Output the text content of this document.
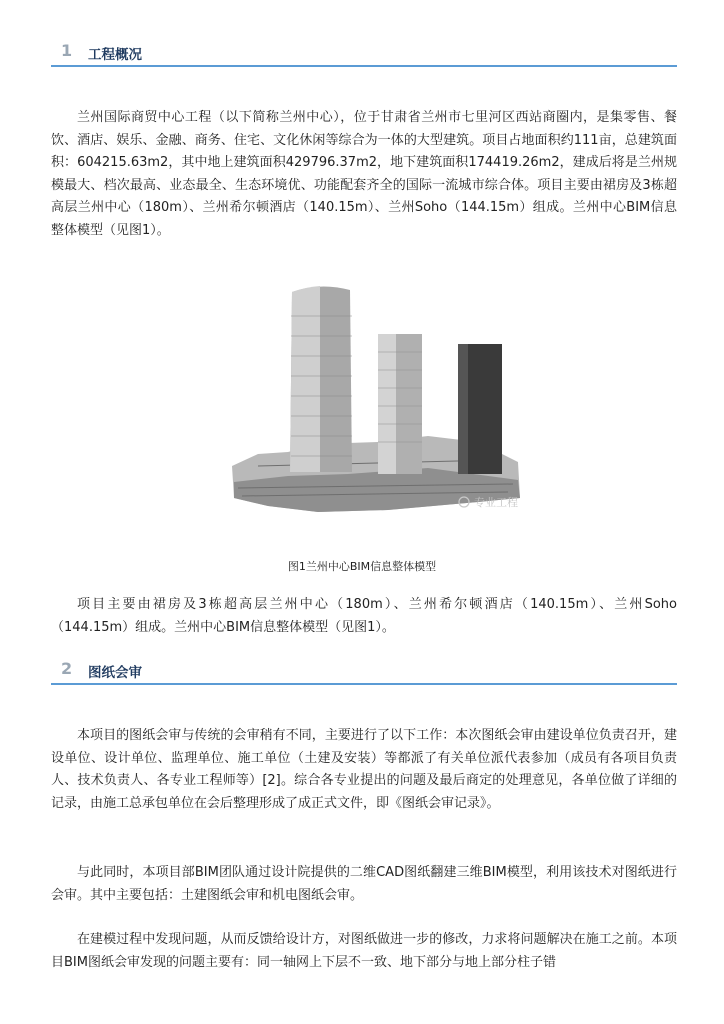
1 工程概况

兰州国际商贸中心工程（以下简称兰州中心），位于甘肃省兰州市七里河区西站商圈内，是集零售、餐饮、酒店、娱乐、金融、商务、住宅、文化休闲等综合为一体的大型建筑。项目占地面积约111亩，总建筑面积：604215.63m2，其中地上建筑面积429796.37m2，地下建筑面积174419.26m2，建成后将是兰州规模最大、档次最高、业态最全、生态环境优、功能配套齐全的国际一流城市综合体。项目主要由裙房及3栋超高层兰州中心（180m）、兰州希尔顿酒店（140.15m）、兰州Soho（144.15m）组成。兰州中心BIM信息整体模型（见图1）。

专业工程
图1兰州中心BIM信息整体模型

项目主要由裙房及3栋超高层兰州中心（180m）、兰州希尔顿酒店（140.15m）、兰州Soho（144.15m）组成。兰州中心BIM信息整体模型（见图1）。

2 图纸会审

本项目的图纸会审与传统的会审稍有不同，主要进行了以下工作：本次图纸会审由建设单位负责召开，建设单位、设计单位、监理单位、施工单位（土建及安装）等都派了有关单位派代表参加（成员有各项目负责人、技术负责人、各专业工程师等）[2]。综合各专业提出的问题及最后商定的处理意见，各单位做了详细的记录，由施工总承包单位在会后整理形成了成正式文件，即《图纸会审记录》。

与此同时，本项目部BIM团队通过设计院提供的二维CAD图纸翻建三维BIM模型，利用该技术对图纸进行会审。其中主要包括：土建图纸会审和机电图纸会审。

在建模过程中发现问题，从而反馈给设计方，对图纸做进一步的修改，力求将问题解决在施工之前。本项目BIM图纸会审发现的问题主要有：同一轴网上下层不一致、地下部分与地上部分柱子错
